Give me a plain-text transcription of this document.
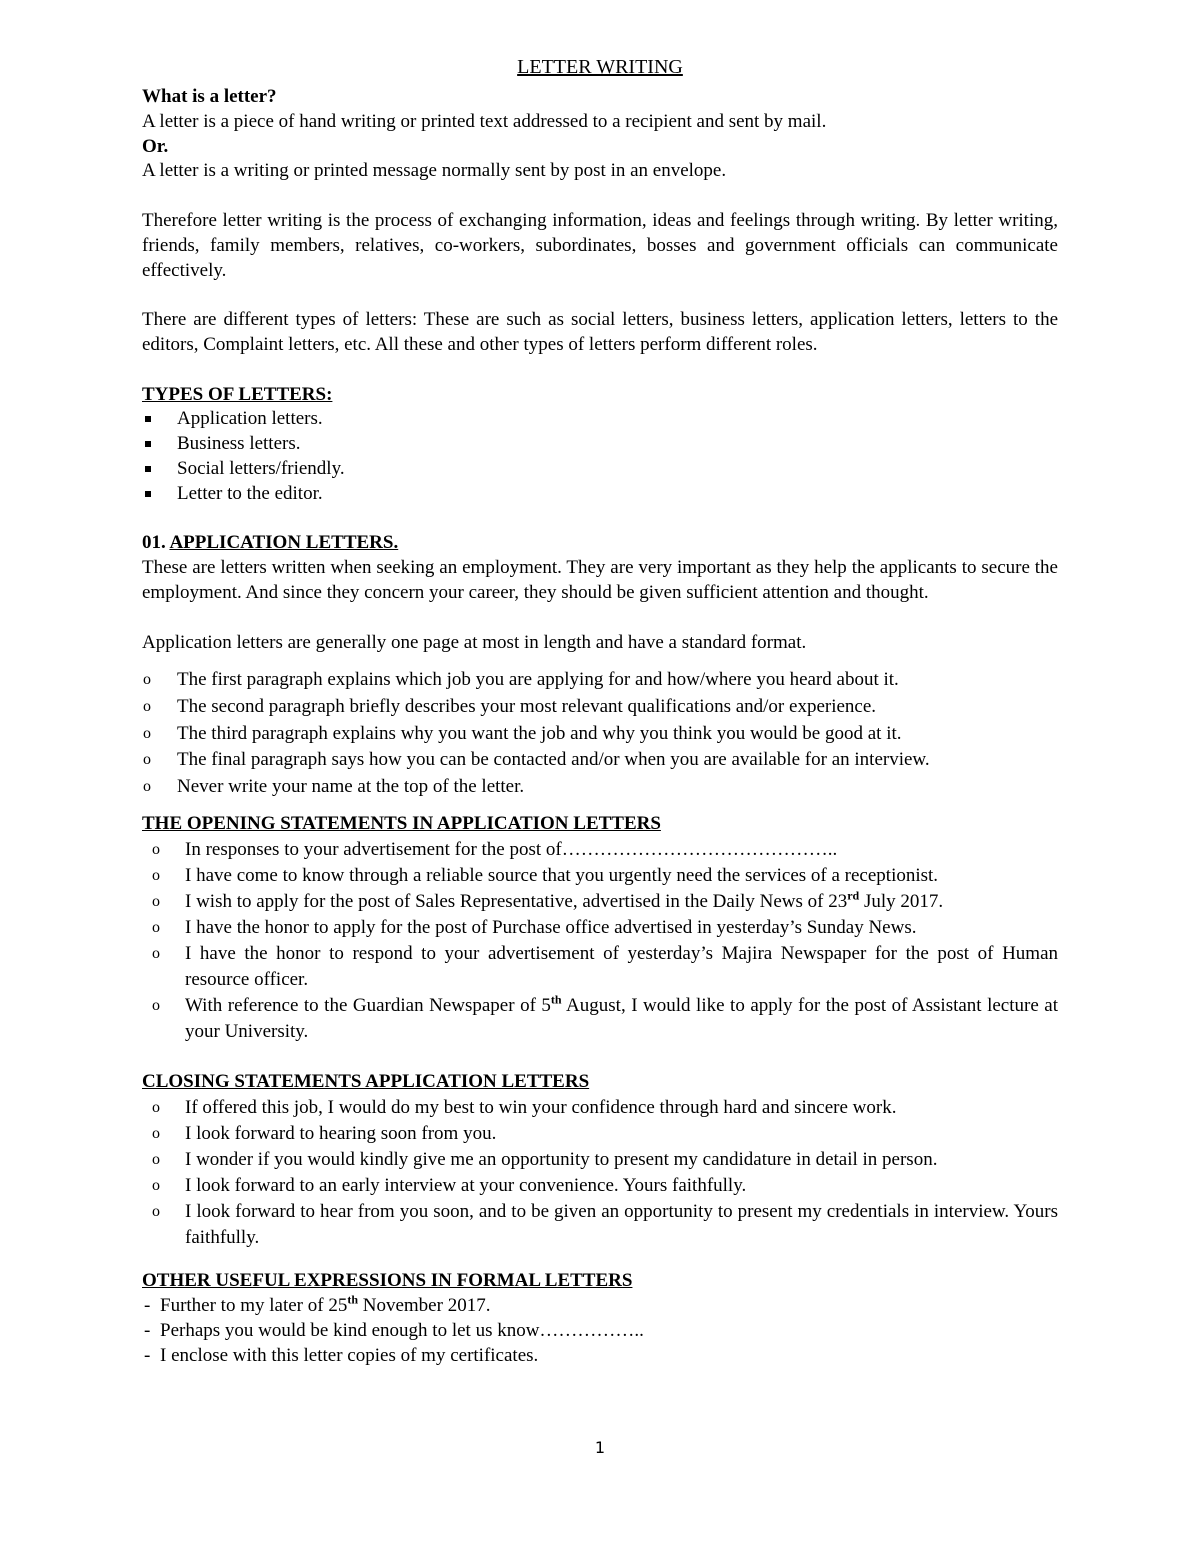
LETTER WRITING

What is a letter?

A letter is a piece of hand writing or printed text addressed to a recipient and sent by mail.

Or.

A letter is a writing or printed message normally sent by post in an envelope.

Therefore letter writing is the process of exchanging information, ideas and feelings through writing. By letter writing, friends, family members, relatives, co-workers, subordinates, bosses and government officials can communicate effectively.

There are different types of letters: These are such as social letters, business letters, application letters, letters to the editors, Complaint letters, etc. All these and other types of letters perform different roles.

TYPES OF LETTERS:

Application letters.
Business letters.
Social letters/friendly.
Letter to the editor.

01. APPLICATION LETTERS.

These are letters written when seeking an employment. They are very important as they help the applicants to secure the employment. And since they concern your career, they should be given sufficient attention and thought.

Application letters are generally one page at most in length and have a standard format.

o The first paragraph explains which job you are applying for and how/where you heard about it.
o The second paragraph briefly describes your most relevant qualifications and/or experience.
o The third paragraph explains why you want the job and why you think you would be good at it.
o The final paragraph says how you can be contacted and/or when you are available for an interview.
o Never write your name at the top of the letter.

THE OPENING STATEMENTS IN APPLICATION LETTERS

o In responses to your advertisement for the post of……………………………………..
o I have come to know through a reliable source that you urgently need the services of a receptionist.
o I wish to apply for the post of Sales Representative, advertised in the Daily News of 23rd July 2017.
o I have the honor to apply for the post of Purchase office advertised in yesterday’s Sunday News.
o I have the honor to respond to your advertisement of yesterday’s Majira Newspaper for the post of Human resource officer.
o With reference to the Guardian Newspaper of 5th August, I would like to apply for the post of Assistant lecture at your University.

CLOSING STATEMENTS APPLICATION LETTERS

o If offered this job, I would do my best to win your confidence through hard and sincere work.
o I look forward to hearing soon from you.
o I wonder if you would kindly give me an opportunity to present my candidature in detail in person.
o I look forward to an early interview at your convenience. Yours faithfully.
o I look forward to hear from you soon, and to be given an opportunity to present my credentials in interview. Yours faithfully.

OTHER USEFUL EXPRESSIONS IN FORMAL LETTERS

- Further to my later of 25th November 2017.
- Perhaps you would be kind enough to let us know……………..
- I enclose with this letter copies of my certificates.
1
